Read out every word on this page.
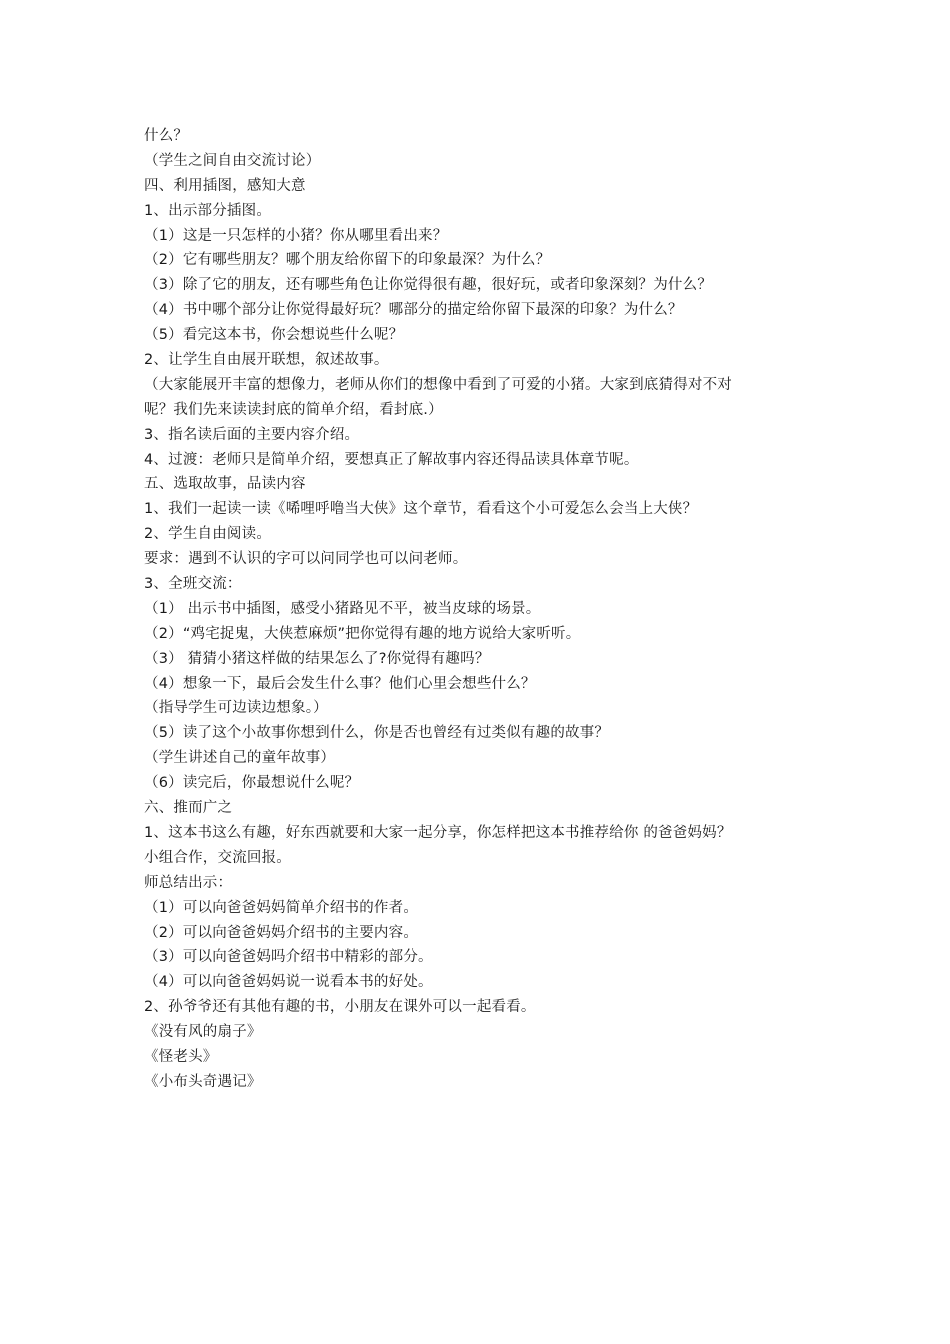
什么？
（学生之间自由交流讨论）
四、利用插图，感知大意
1、出示部分插图。
（1）这是一只怎样的小猪？你从哪里看出来？
（2）它有哪些朋友？哪个朋友给你留下的印象最深？为什么？
（3）除了它的朋友，还有哪些角色让你觉得很有趣，很好玩，或者印象深刻？为什么？
（4）书中哪个部分让你觉得最好玩？哪部分的描定给你留下最深的印象？为什么？
（5）看完这本书，你会想说些什么呢？
2、让学生自由展开联想，叙述故事。
（大家能展开丰富的想像力，老师从你们的想像中看到了可爱的小猪。大家到底猜得对不对
呢？我们先来读读封底的简单介绍，看封底.）
3、指名读后面的主要内容介绍。
4、过渡：老师只是简单介绍，要想真正了解故事内容还得品读具体章节呢。
五、选取故事，品读内容
1、我们一起读一读《唏哩呼噜当大侠》这个章节，看看这个小可爱怎么会当上大侠？
2、学生自由阅读。
要求：遇到不认识的字可以问同学也可以问老师。
3、全班交流：
（1） 出示书中插图，感受小猪路见不平，被当皮球的场景。
（2）“鸡宅捉鬼，大侠惹麻烦”把你觉得有趣的地方说给大家听听。
（3） 猜猜小猪这样做的结果怎么了?你觉得有趣吗？
（4）想象一下，最后会发生什么事？他们心里会想些什么？
（指导学生可边读边想象。）
（5）读了这个小故事你想到什么，你是否也曾经有过类似有趣的故事？
（学生讲述自己的童年故事）
（6）读完后，你最想说什么呢？
六、推而广之
1、这本书这么有趣，好东西就要和大家一起分享，你怎样把这本书推荐给你 的爸爸妈妈？
小组合作，交流回报。
师总结出示：
（1）可以向爸爸妈妈简单介绍书的作者。
（2）可以向爸爸妈妈介绍书的主要内容。
（3）可以向爸爸妈吗介绍书中精彩的部分。
（4）可以向爸爸妈妈说一说看本书的好处。
2、孙爷爷还有其他有趣的书，小朋友在课外可以一起看看。
《没有风的扇子》
《怪老头》
《小布头奇遇记》
